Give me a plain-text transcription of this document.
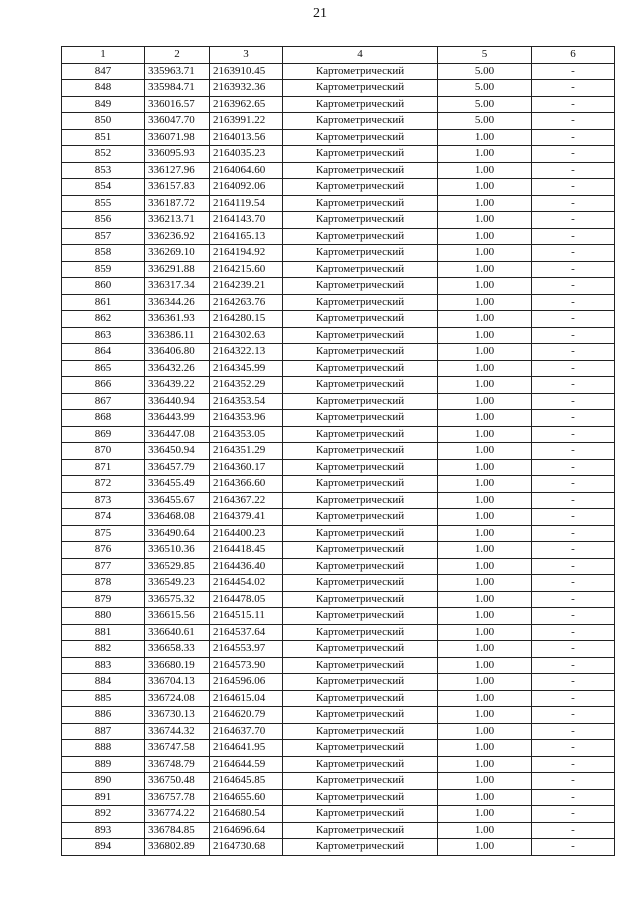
21
1	2	3	4	5	6
847	335963.71	2163910.45	Картометрический	5.00	-
848	335984.71	2163932.36	Картометрический	5.00	-
849	336016.57	2163962.65	Картометрический	5.00	-
850	336047.70	2163991.22	Картометрический	5.00	-
851	336071.98	2164013.56	Картометрический	1.00	-
852	336095.93	2164035.23	Картометрический	1.00	-
853	336127.96	2164064.60	Картометрический	1.00	-
854	336157.83	2164092.06	Картометрический	1.00	-
855	336187.72	2164119.54	Картометрический	1.00	-
856	336213.71	2164143.70	Картометрический	1.00	-
857	336236.92	2164165.13	Картометрический	1.00	-
858	336269.10	2164194.92	Картометрический	1.00	-
859	336291.88	2164215.60	Картометрический	1.00	-
860	336317.34	2164239.21	Картометрический	1.00	-
861	336344.26	2164263.76	Картометрический	1.00	-
862	336361.93	2164280.15	Картометрический	1.00	-
863	336386.11	2164302.63	Картометрический	1.00	-
864	336406.80	2164322.13	Картометрический	1.00	-
865	336432.26	2164345.99	Картометрический	1.00	-
866	336439.22	2164352.29	Картометрический	1.00	-
867	336440.94	2164353.54	Картометрический	1.00	-
868	336443.99	2164353.96	Картометрический	1.00	-
869	336447.08	2164353.05	Картометрический	1.00	-
870	336450.94	2164351.29	Картометрический	1.00	-
871	336457.79	2164360.17	Картометрический	1.00	-
872	336455.49	2164366.60	Картометрический	1.00	-
873	336455.67	2164367.22	Картометрический	1.00	-
874	336468.08	2164379.41	Картометрический	1.00	-
875	336490.64	2164400.23	Картометрический	1.00	-
876	336510.36	2164418.45	Картометрический	1.00	-
877	336529.85	2164436.40	Картометрический	1.00	-
878	336549.23	2164454.02	Картометрический	1.00	-
879	336575.32	2164478.05	Картометрический	1.00	-
880	336615.56	2164515.11	Картометрический	1.00	-
881	336640.61	2164537.64	Картометрический	1.00	-
882	336658.33	2164553.97	Картометрический	1.00	-
883	336680.19	2164573.90	Картометрический	1.00	-
884	336704.13	2164596.06	Картометрический	1.00	-
885	336724.08	2164615.04	Картометрический	1.00	-
886	336730.13	2164620.79	Картометрический	1.00	-
887	336744.32	2164637.70	Картометрический	1.00	-
888	336747.58	2164641.95	Картометрический	1.00	-
889	336748.79	2164644.59	Картометрический	1.00	-
890	336750.48	2164645.85	Картометрический	1.00	-
891	336757.78	2164655.60	Картометрический	1.00	-
892	336774.22	2164680.54	Картометрический	1.00	-
893	336784.85	2164696.64	Картометрический	1.00	-
894	336802.89	2164730.68	Картометрический	1.00	-
